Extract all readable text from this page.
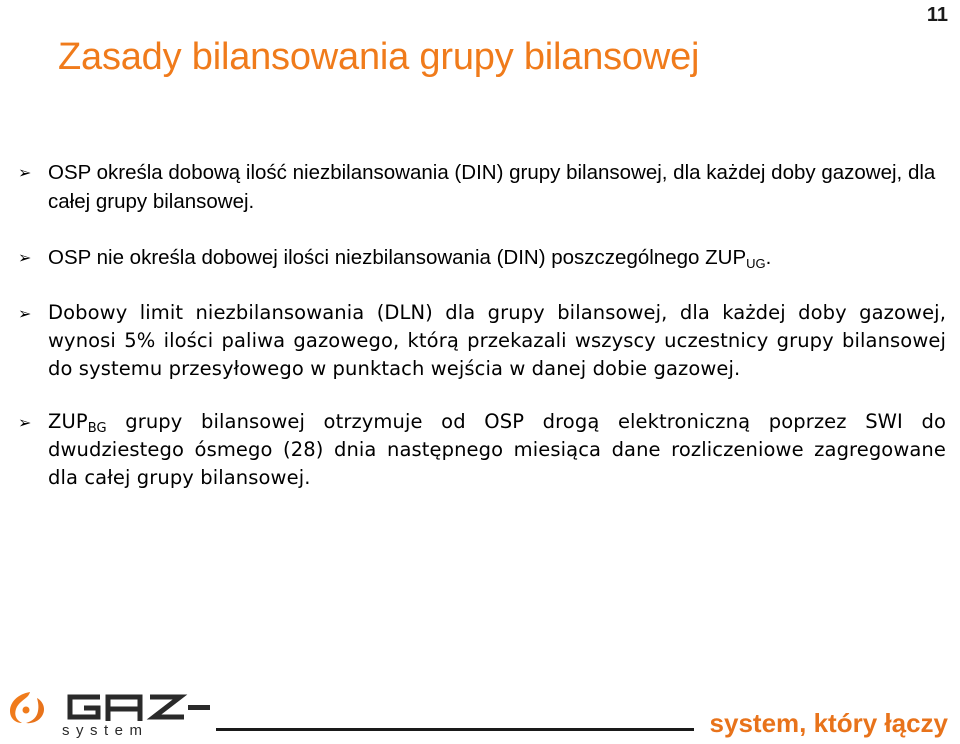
11
Zasady bilansowania grupy bilansowej
➢ OSP określa dobową ilość niezbilansowania (DIN) grupy bilansowej, dla każdej doby gazowej, dla całej grupy bilansowej.
➢ OSP nie określa dobowej ilości niezbilansowania (DIN) poszczególnego $ZUP_{UG}$.
➢ Dobowy limit niezbilansowania (DLN) dla grupy bilansowej, dla każdej doby gazowej, wynosi 5% ilości paliwa gazowego, którą przekazali wszyscy uczestnicy grupy bilansowej do systemu przesyłowego w punktach wejścia w danej dobie gazowej.
➢ $ZUP_{BG}$ grupy bilansowej otrzymuje od OSP drogą elektroniczną poprzez SWI do dwudziestego ósmego (28) dnia następnego miesiąca dane rozliczeniowe zagregowane dla całej grupy bilansowej.
system	system, który łączy
